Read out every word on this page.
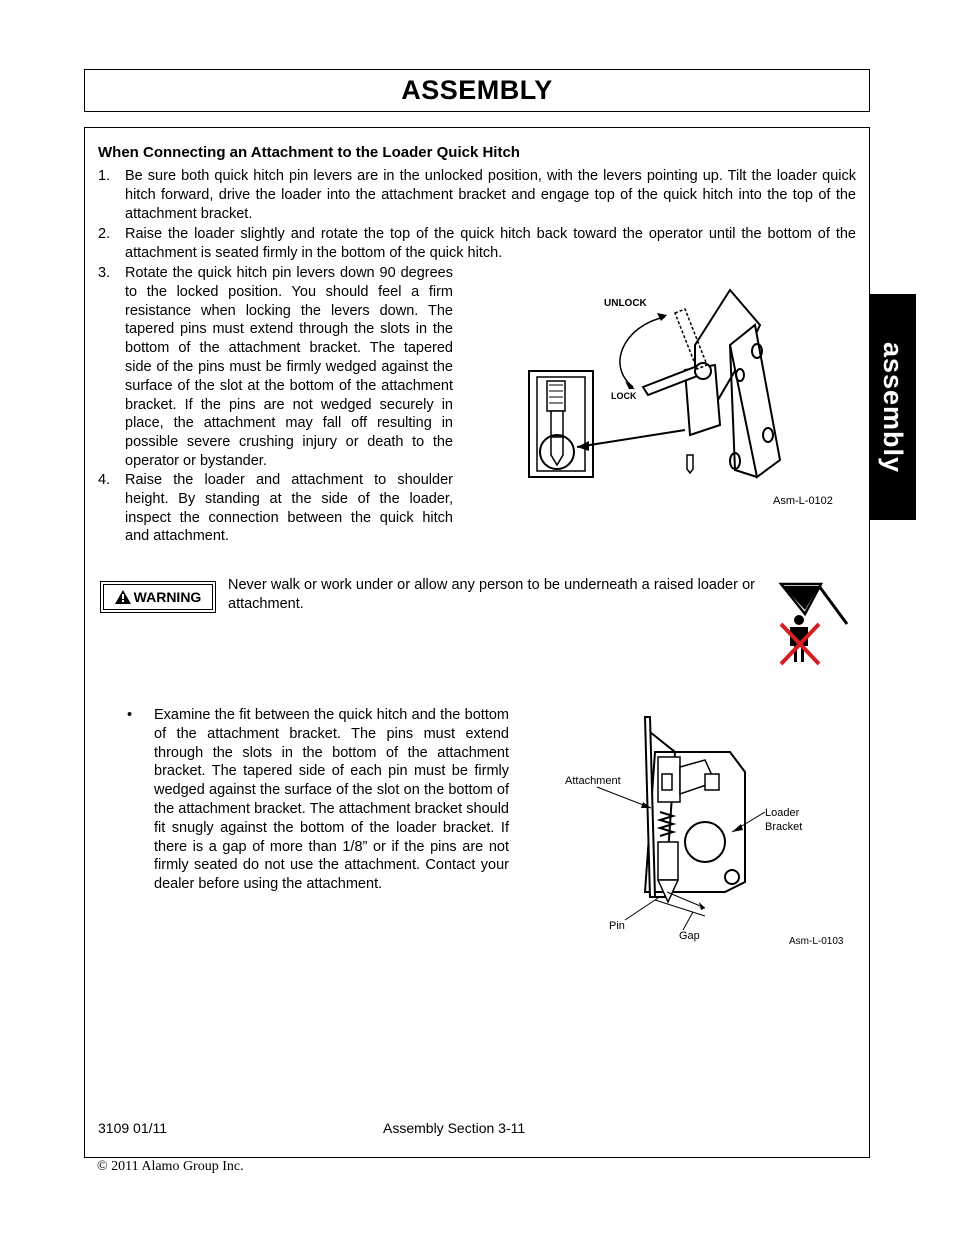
ASSEMBLY
assembly
When Connecting an Attachment to the Loader Quick Hitch
1. Be sure both quick hitch pin levers are in the unlocked position, with the levers pointing up. Tilt the loader quick hitch forward, drive the loader into the attachment bracket and engage top of the quick hitch into the top of the attachment bracket.
2. Raise the loader slightly and rotate the top of the quick hitch back toward the operator until the bottom of the attachment is seated firmly in the bottom of the quick hitch.
3. Rotate the quick hitch pin levers down 90 degrees to the locked position. You should feel a firm resistance when locking the levers down. The tapered pins must extend through the slots in the bottom of the attachment bracket. The tapered side of the pins must be firmly wedged against the surface of the slot at the bottom of the attachment bracket. If the pins are not wedged securely in place, the attachment may fall off resulting in possible severe crushing injury or death to the operator or bystander.
4. Raise the loader and attachment to shoulder height. By standing at the side of the loader, inspect the connection between the quick hitch and attachment.
UNLOCK
LOCK
Asm-L-0102
WARNING
Never walk or work under or allow any person to be underneath a raised loader or attachment.
• Examine the fit between the quick hitch and the bottom of the attachment bracket. The pins must extend through the slots in the bottom of the attachment bracket. The tapered side of each pin must be firmly wedged against the surface of the slot on the bottom of the attachment bracket. The attachment bracket should fit snugly against the bottom of the loader bracket. If there is a gap of more than 1/8” or if the pins are not firmly seated do not use the attachment. Contact your dealer before using the attachment.
Attachment
Loader
Bracket
Pin
Gap	Asm-L-0103
3109 01/11	Assembly Section 3-11
© 2011 Alamo Group Inc.
